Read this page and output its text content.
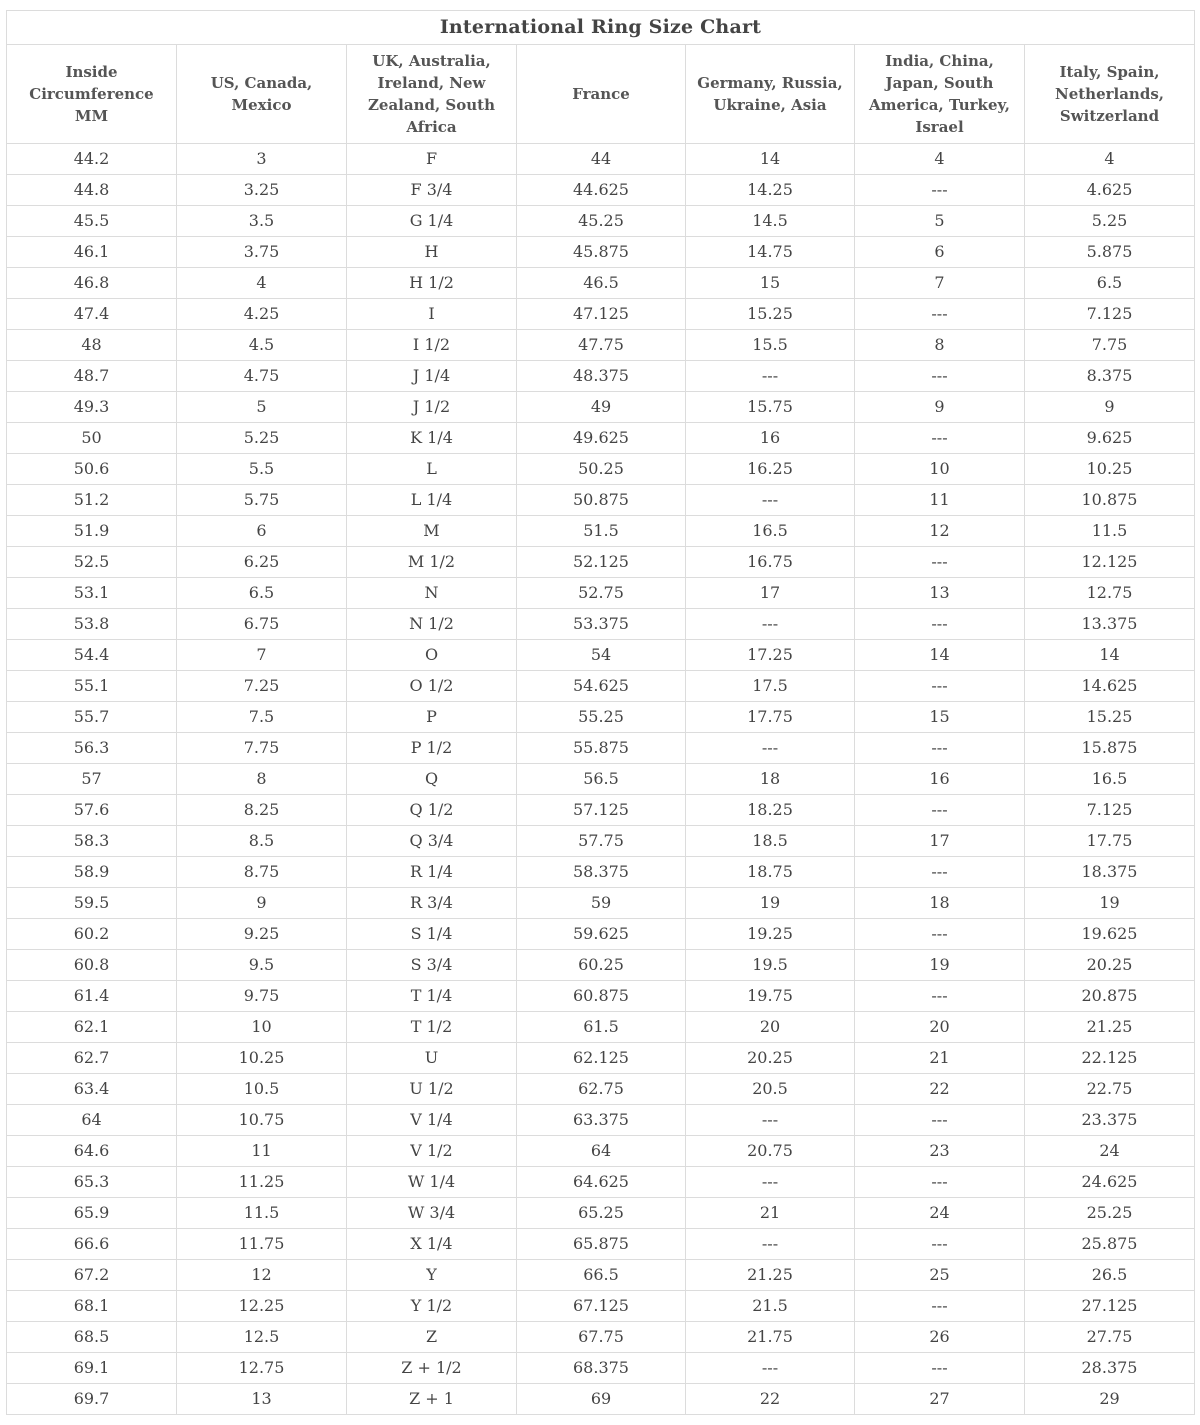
International Ring Size Chart
Inside Circumference MM	US, Canada, Mexico	UK, Australia, Ireland, New Zealand, South Africa	France	Germany, Russia, Ukraine, Asia	India, China, Japan, South America, Turkey, Israel	Italy, Spain, Netherlands, Switzerland
44.2	3	F	44	14	4	4
44.8	3.25	F 3/4	44.625	14.25	---	4.625
45.5	3.5	G 1/4	45.25	14.5	5	5.25
46.1	3.75	H	45.875	14.75	6	5.875
46.8	4	H 1/2	46.5	15	7	6.5
47.4	4.25	I	47.125	15.25	---	7.125
48	4.5	I 1/2	47.75	15.5	8	7.75
48.7	4.75	J 1/4	48.375	---	---	8.375
49.3	5	J 1/2	49	15.75	9	9
50	5.25	K 1/4	49.625	16	---	9.625
50.6	5.5	L	50.25	16.25	10	10.25
51.2	5.75	L 1/4	50.875	---	11	10.875
51.9	6	M	51.5	16.5	12	11.5
52.5	6.25	M 1/2	52.125	16.75	---	12.125
53.1	6.5	N	52.75	17	13	12.75
53.8	6.75	N 1/2	53.375	---	---	13.375
54.4	7	O	54	17.25	14	14
55.1	7.25	O 1/2	54.625	17.5	---	14.625
55.7	7.5	P	55.25	17.75	15	15.25
56.3	7.75	P 1/2	55.875	---	---	15.875
57	8	Q	56.5	18	16	16.5
57.6	8.25	Q 1/2	57.125	18.25	---	7.125
58.3	8.5	Q 3/4	57.75	18.5	17	17.75
58.9	8.75	R 1/4	58.375	18.75	---	18.375
59.5	9	R 3/4	59	19	18	19
60.2	9.25	S 1/4	59.625	19.25	---	19.625
60.8	9.5	S 3/4	60.25	19.5	19	20.25
61.4	9.75	T 1/4	60.875	19.75	---	20.875
62.1	10	T 1/2	61.5	20	20	21.25
62.7	10.25	U	62.125	20.25	21	22.125
63.4	10.5	U 1/2	62.75	20.5	22	22.75
64	10.75	V 1/4	63.375	---	---	23.375
64.6	11	V 1/2	64	20.75	23	24
65.3	11.25	W 1/4	64.625	---	---	24.625
65.9	11.5	W 3/4	65.25	21	24	25.25
66.6	11.75	X 1/4	65.875	---	---	25.875
67.2	12	Y	66.5	21.25	25	26.5
68.1	12.25	Y 1/2	67.125	21.5	---	27.125
68.5	12.5	Z	67.75	21.75	26	27.75
69.1	12.75	Z + 1/2	68.375	---	---	28.375
69.7	13	Z + 1	69	22	27	29
